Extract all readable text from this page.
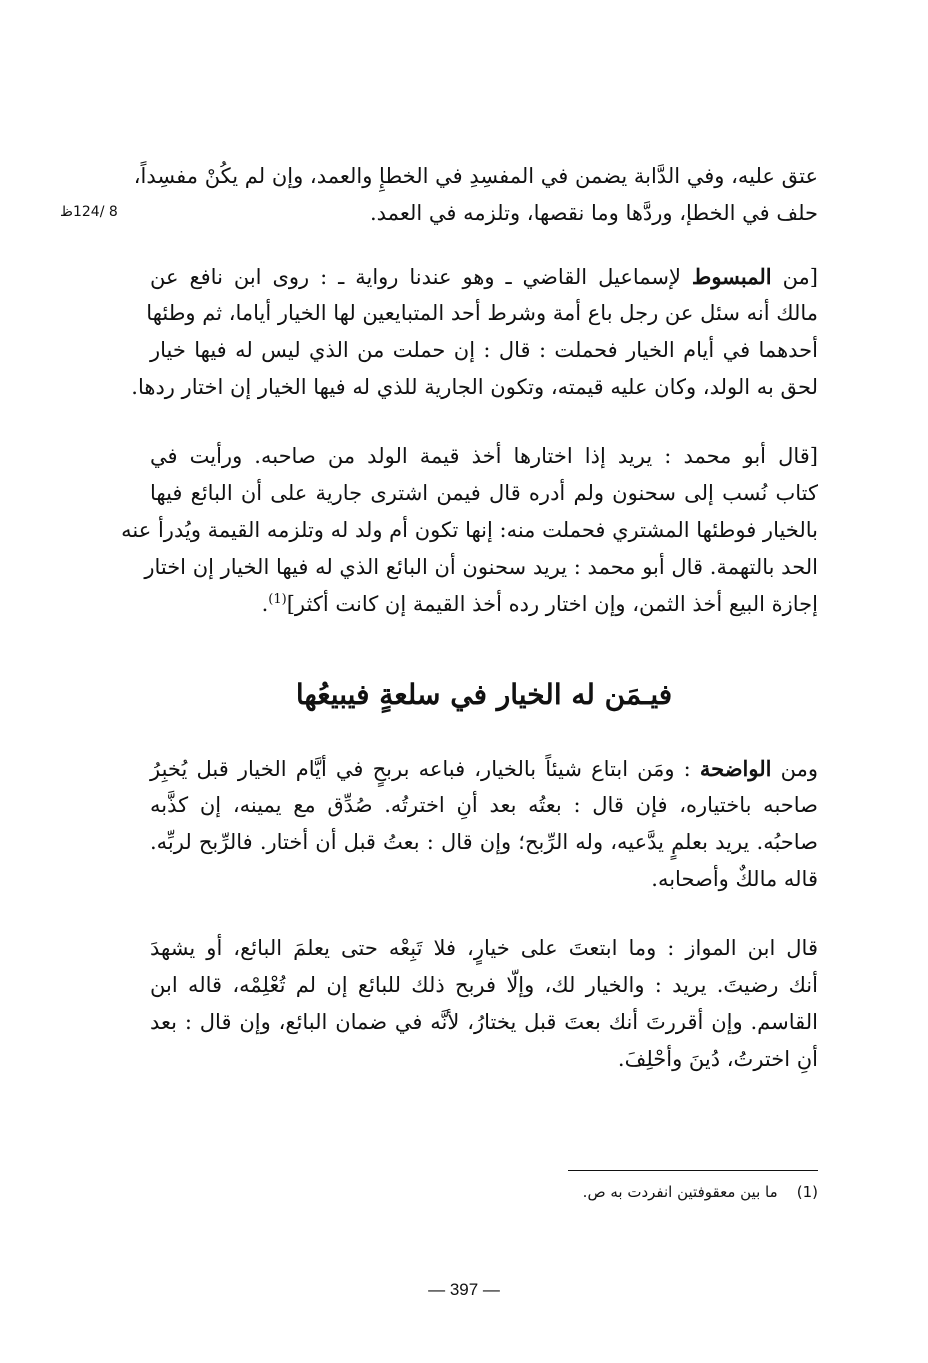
8 /124ظ
عتق عليه، وفي الدَّابة يضمن في المفسِدِ في الخطإِ والعمد، وإن لم يكُنْ مفسِداً،
حلف في الخطإ، وردَّها وما نقصها، وتلزمه في العمد.
[من المبسوط لإسماعيل القاضي ـ وهو عندنا رواية ـ : روى ابن نافع عن
مالك أنه سئل عن رجل باع أمة وشرط أحد المتبايعين لها الخيار أياما، ثم وطئها
أحدهما في أيام الخيار فحملت : قال : إن حملت من الذي ليس له فيها خيار
لحق به الولد، وكان عليه قيمته، وتكون الجارية للذي له فيها الخيار إن اختار ردها.
[قال أبو محمد : يريد إذا اختارها أخذ قيمة الولد من صاحبه. ورأيت في
كتاب نُسب إلى سحنون ولم أدره قال فيمن اشترى جارية على أن البائع فيها
بالخيار فوطئها المشتري فحملت منه: إنها تكون أم ولد له وتلزمه القيمة ويُدرأ عنه
الحد بالتهمة. قال أبو محمد : يريد سحنون أن البائع الذي له فيها الخيار إن اختار
إجازة البيع أخذ الثمن، وإن اختار رده أخذ القيمة إن كانت أكثر]$^{(1)}$.
فيـمَن له الخيار في سلعةٍ فيبيعُها
ومن الواضحة : ومَن ابتاع شيئاً بالخيار، فباعه بربحٍ في أيَّام الخيار قبل يُخبِرُ
صاحبه باختياره، فإن قال : بعتُه بعد أنِ اخترتُه. صُدِّق مع يمينه، إن كذَّبه
صاحبُه. يريد بعلمٍ يدَّعيه، وله الرِّبح؛ وإن قال : بعتُ قبل أن أختار. فالرِّبح لربِّه.
قاله مالكٌ وأصحابه.
قال ابن المواز : وما ابتعتَ على خيارٍ، فلا تَبِعْه حتى يعلمَ البائع، أو يشهدَ
أنك رضيتَ. يريد : والخيار لك، وإلّا فربح ذلك للبائع إن لم تُعْلِمْه، قاله ابن
القاسم. وإن أقررتَ أنك بعتَ قبل يختارُ، لأنَّه في ضمان البائع، وإن قال : بعد
أنِ اخترتُ، دُينَ وأحْلِفَ.
(1)    ما بين معقوفتين انفردت به ص.
— 397 —
